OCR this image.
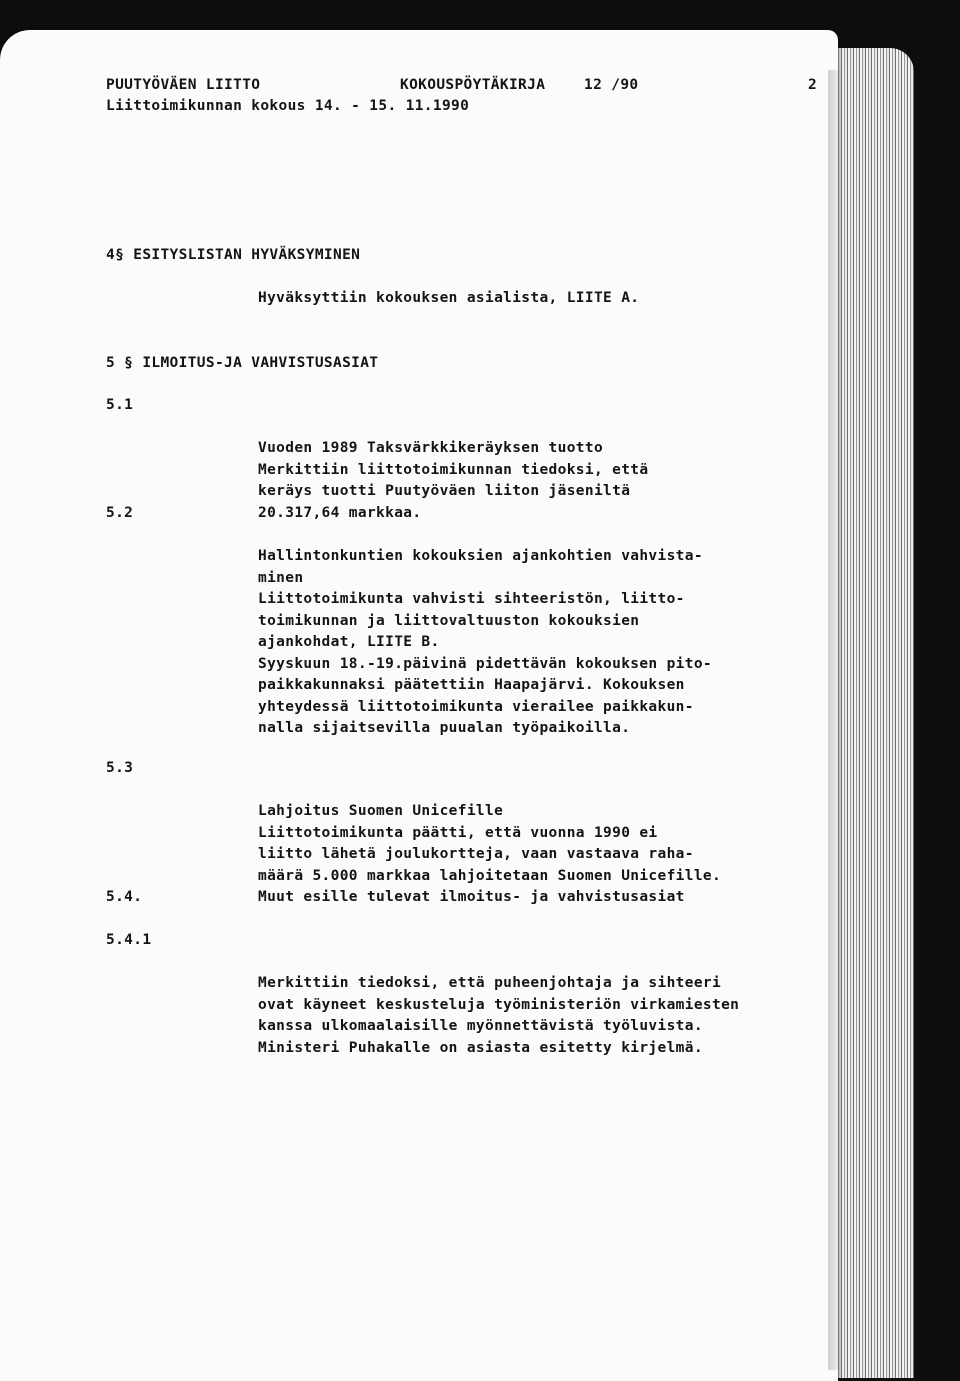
PUUTYÖVÄEN LIITTO	KOKOUSPÖYTÄKIRJA	12 /90	2
Liittoimikunnan kokous 14. - 15. 11.1990
4§ ESITYSLISTAN HYVÄKSYMINEN
Hyväksyttiin kokouksen asialista, LIITE A.
5 § ILMOITUS-JA VAHVISTUSASIAT
5.1

Vuoden 1989 Taksvärkkikeräyksen tuotto
Merkittiin liittotoimikunnan tiedoksi, että
keräys tuotti Puutyöväen liiton jäseniltä
20.317,64 markkaa.

5.2

Hallintonkuntien kokouksien ajankohtien vahvista-
minen
Liittotoimikunta vahvisti sihteeristön, liitto-
toimikunnan ja liittovaltuuston kokouksien
ajankohdat, LIITE B.
Syyskuun 18.-19.päivinä pidettävän kokouksen pito-
paikkakunnaksi päätettiin Haapajärvi. Kokouksen
yhteydessä liittotoimikunta vierailee paikkakun-
nalla sijaitsevilla puualan työpaikoilla.

5.3

Lahjoitus Suomen Unicefille
Liittotoimikunta päätti, että vuonna 1990 ei
liitto lähetä joulukortteja, vaan vastaava raha-
määrä 5.000 markkaa lahjoitetaan Suomen Unicefille.

5.4.	Muut esille tulevat ilmoitus- ja vahvistusasiat
5.4.1

Merkittiin tiedoksi, että puheenjohtaja ja sihteeri
ovat käyneet keskusteluja työministeriön virkamiesten
kanssa ulkomaalaisille myönnettävistä työluvista.
Ministeri Puhakalle on asiasta esitetty kirjelmä.
